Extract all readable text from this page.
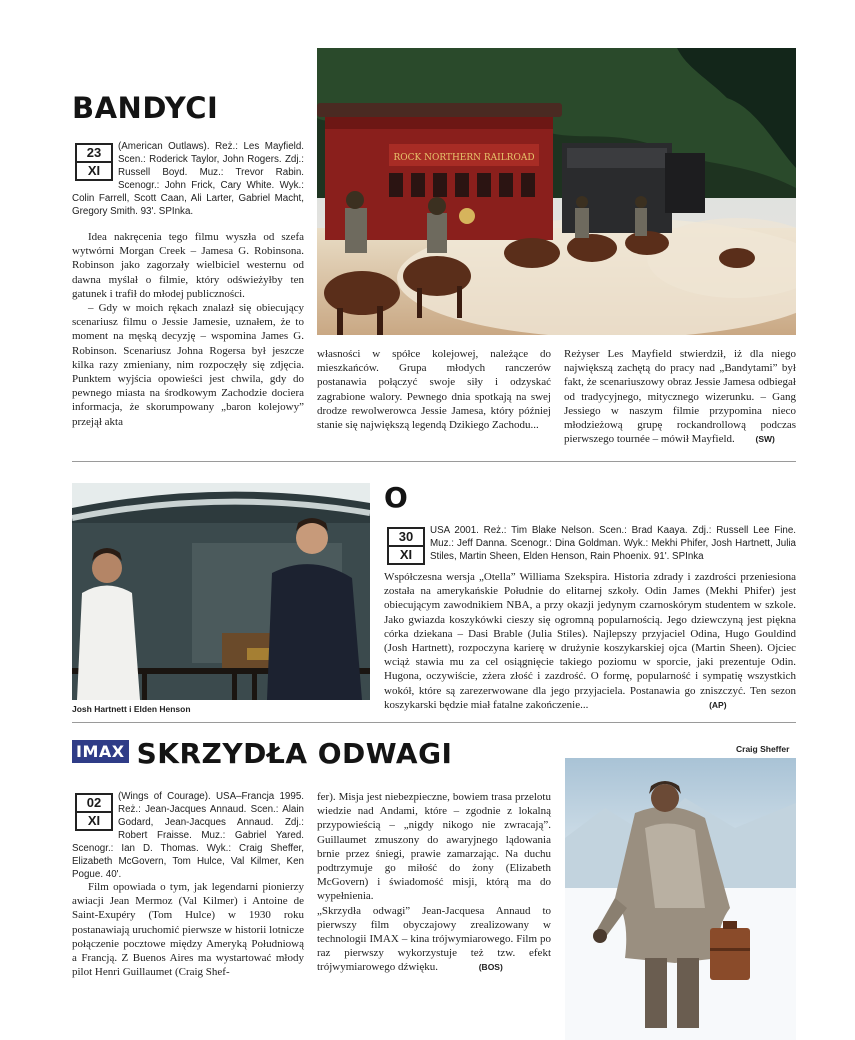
BANDYCI
23
XI

(American Outlaws). Reż.: Les Mayfield. Scen.: Roderick Taylor, John Rogers. Zdj.: Russell Boyd. Muz.: Trevor Rabin. Scenogr.: John Frick, Cary White. Wyk.: Colin Farrell, Scott Caan, Ali Larter, Gabriel Macht, Gregory Smith. 93'. SPInka.

Idea nakręcenia tego filmu wyszła od szefa wytwórni Morgan Creek – Jamesa G. Robinsona. Robinson jako zagorzały wielbiciel westernu od dawna myślał o filmie, który odświeżyłby ten gatunek i trafił do młodej publiczności.

– Gdy w moich rękach znalazł się obiecujący scenariusz filmu o Jessie Jamesie, uznałem, że to moment na męską decyzję – wspomina James G. Robinson. Scenariusz Johna Rogersa był jeszcze kilka razy zmieniany, nim rozpoczęły się zdjęcia. Punktem wyjścia opowieści jest chwila, gdy do pewnego miasta na środkowym Zachodzie dociera informacja, że skorumpowany „baron kolejowy” przejął akta

ROCK NORTHERN RAILROAD

własności w spółce kolejowej, należące do mieszkańców. Grupa młodych ranczerów postanawia połączyć swoje siły i odzyskać zagrabione walory. Pewnego dnia spotkają na swej drodze rewolwerowca Jessie Jamesa, który później stanie się największą legendą Dzikiego Zachodu...

Reżyser Les Mayfield stwierdził, iż dla niego największą zachętą do pracy nad „Bandytami” był fakt, że scenariuszowy obraz Jessie Jamesa odbiegał od tradycyjnego, mitycznego wizerunku. – Gang Jessiego w naszym filmie przypomina nieco młodzieżową grupę rockandrollową podczas pierwszego tournée – mówił Mayfield. (SW)

Josh Hartnett i Elden Henson
O
30
XI

USA 2001. Reż.: Tim Blake Nelson. Scen.: Brad Kaaya. Zdj.: Russell Lee Fine. Muz.: Jeff Danna. Scenogr.: Dina Goldman. Wyk.: Mekhi Phifer, Josh Hartnett, Julia Stiles, Martin Sheen, Elden Henson, Rain Phoenix. 91'. SPInka

Współczesna wersja „Otella” Williama Szekspira. Historia zdrady i zazdrości przeniesiona została na amerykańskie Południe do elitarnej szkoły. Odin James (Mekhi Phifer) jest obiecującym zawodnikiem NBA, a przy okazji jedynym czarnoskórym studentem w szkole. Jako gwiazda koszykówki cieszy się ogromną popularnością. Jego dziewczyną jest piękna córka dziekana – Dasi Brable (Julia Stiles). Najlepszy przyjaciel Odina, Hugo Gouldind (Josh Hartnett), rozpoczyna karierę w drużynie koszykarskiej ojca (Martin Sheen). Ojciec wciąż stawia mu za cel osiągnięcie takiego poziomu w sporcie, jaki prezentuje Odin. Hugona, oczywiście, zżera złość i zazdrość. O formę, popularność i sympatię wszystkich wokół, które są zarezerwowane dla jego przyjaciela. Postanawia go zniszczyć. Ten sezon koszykarski będzie miał fatalne zakończenie...	(AP)

IMAX SKRZYDŁA ODWAGI	Craig Sheffer
02
XI

(Wings of Courage). USA–Francja 1995. Reż.: Jean-Jacques Annaud. Scen.: Alain Godard, Jean-Jacques Annaud. Zdj.: Robert Fraisse. Muz.: Gabriel Yared. Scenogr.: Ian D. Thomas. Wyk.: Craig Sheffer, Elizabeth McGovern, Tom Hulce, Val Kilmer, Ken Pogue. 40'.

Film opowiada o tym, jak legendarni pionierzy awiacji Jean Mermoz (Val Kilmer) i Antoine de Saint-Exupéry (Tom Hulce) w 1930 roku postanawiają uruchomić pierwsze w historii lotnicze połączenie pocztowe między Ameryką Południową a Francją. Z Buenos Aires ma wystartować młody pilot Henri Guillaumet (Craig Shef-

fer). Misja jest niebezpieczne, bowiem trasa przelotu wiedzie nad Andami, które – zgodnie z lokalną przypowieścią – „nigdy nikogo nie zwracają”. Guillaumet zmuszony do awaryjnego lądowania brnie przez śniegi, prawie zamarzając. Na duchu podtrzymuje go miłość do żony (Elizabeth McGovern) i świadomość misji, którą ma do wypełnienia.

„Skrzydła odwagi” Jean-Jacquesa Annaud to pierwszy film obyczajowy zrealizowany w technologii IMAX – kina trójwymiarowego. Film po raz pierwszy wykorzystuje też tzw. efekt trójwymiarowego dźwięku.	(BOS)
